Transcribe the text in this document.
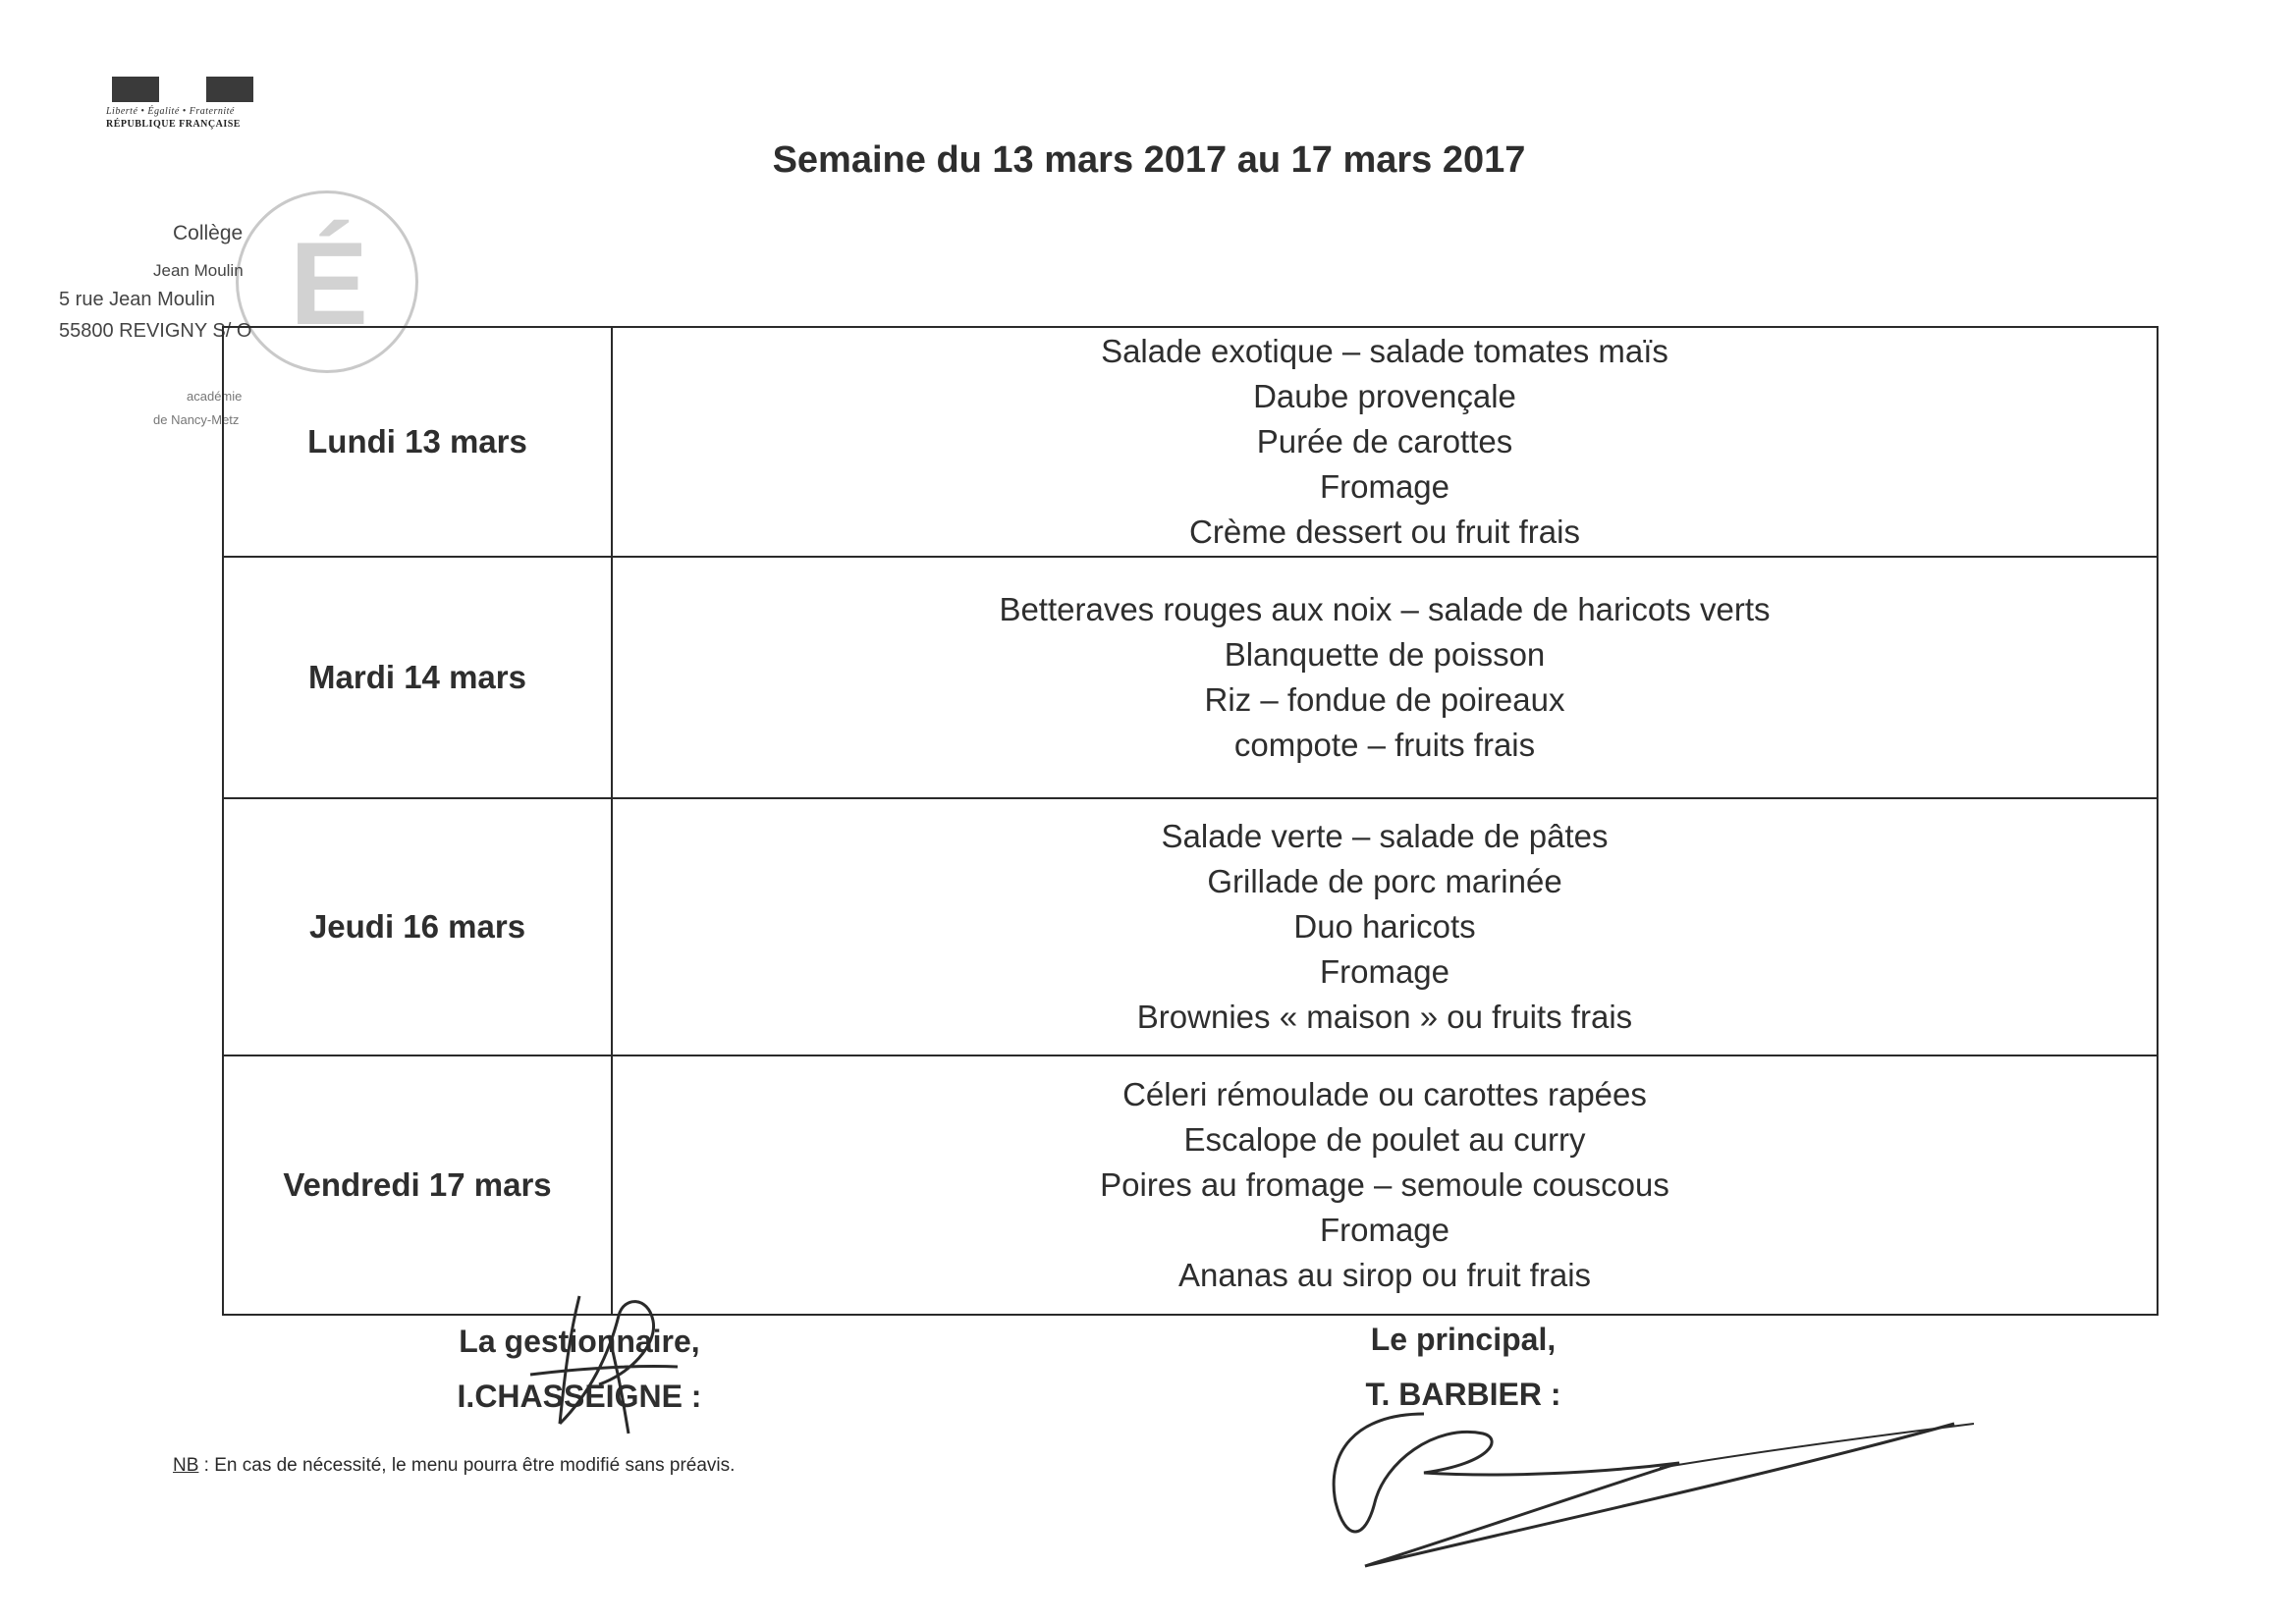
Liberté • Égalité • Fraternité
RÉPUBLIQUE FRANÇAISE
É
Collège
Jean Moulin
5 rue Jean Moulin
55800 REVIGNY S/ O
académie
de Nancy-Metz
Semaine du 13 mars 2017 au 17 mars 2017
Lundi 13 mars
Salade exotique – salade tomates maïs
Daube provençale
Purée de carottes
Fromage
Crème dessert ou fruit frais
Mardi 14 mars
Betteraves rouges aux noix – salade de haricots verts
Blanquette de poisson
Riz – fondue de poireaux
compote – fruits frais
Jeudi 16 mars
Salade verte – salade de pâtes
Grillade de porc marinée
Duo haricots
Fromage
Brownies « maison » ou fruits frais
Vendredi 17 mars
Céleri rémoulade ou carottes rapées
Escalope de poulet au curry
Poires au fromage – semoule couscous
Fromage
Ananas au sirop ou fruit frais
La gestionnaire,
I.CHASSEIGNE :
Le principal,
T. BARBIER :
NB : En cas de nécessité, le menu pourra être modifié sans préavis.
